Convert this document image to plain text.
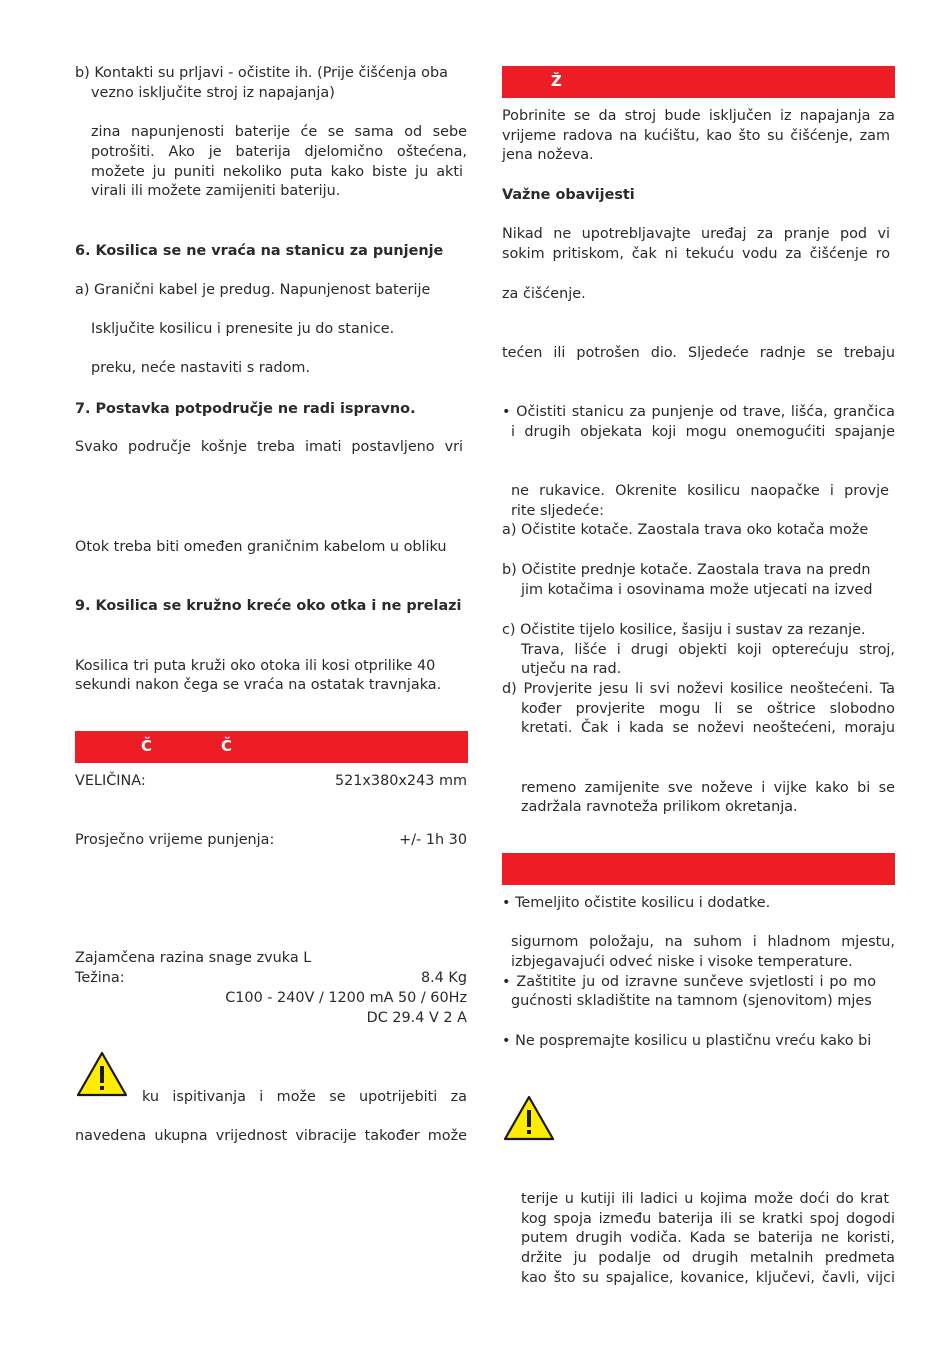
b) Kontakti su prljavi - očistite ih. (Prije čišćenja oba
vezno isključite stroj iz napajanja)
zina napunjenosti baterije će se sama od sebe
potrošiti. Ako je baterija djelomično oštećena,
možete ju puniti nekoliko puta kako biste ju akti
virali ili možete zamijeniti bateriju.
6. Kosilica se ne vraća na stanicu za punjenje
a) Granični kabel je predug. Napunjenost baterije
Isključite kosilicu i prenesite ju do stanice.
preku, neće nastaviti s radom.
7. Postavka potpodručje ne radi ispravno.
Svako područje košnje treba imati postavljeno vri
Otok treba biti omeđen graničnim kabelom u obliku
9. Kosilica se kružno kreće oko otka i ne prelazi
Kosilica tri puta kruži oko otoka ili kosi otprilike 40
sekundi nakon čega se vraća na ostatak travnjaka.
Č	Č
VELIČINA:	521x380x243 mm
Prosječno vrijeme punjenja:	+/- 1h 30
Zajamčena razina snage zvuka L
Težina:	8.4 Kg
C100 - 240V / 1200 mA 50 / 60Hz
DC 29.4 V 2 A
ku ispitivanja i može se upotrijebiti za
navedena ukupna vrijednost vibracije također može
Ž
Pobrinite se da stroj bude isključen iz napajanja za
vrijeme radova na kućištu, kao što su čišćenje, zam
jena noževa.
Važne obavijesti
Nikad ne upotrebljavajte uređaj za pranje pod vi
sokim pritiskom, čak ni tekuću vodu za čišćenje ro
za čišćenje.
tećen ili potrošen dio. Sljedeće radnje se trebaju
• Očistiti stanicu za punjenje od trave, lišća, grančica
i drugih objekata koji mogu onemogućiti spajanje
ne rukavice. Okrenite kosilicu naopačke i provje
rite sljedeće:
a) Očistite kotače. Zaostala trava oko kotača može
b) Očistite prednje kotače. Zaostala trava na predn
jim kotačima i osovinama može utjecati na izved
c) Očistite tijelo kosilice, šasiju i sustav za rezanje.
Trava, lišće i drugi objekti koji opterećuju stroj,
utječu na rad.
d) Provjerite jesu li svi noževi kosilice neoštećeni. Ta
kođer provjerite mogu li se oštrice slobodno
kretati. Čak i kada se noževi neoštećeni, moraju
remeno zamijenite sve noževe i vijke kako bi se
zadržala ravnoteža prilikom okretanja.
• Temeljito očistite kosilicu i dodatke.
sigurnom položaju, na suhom i hladnom mjestu,
izbjegavajući odveć niske i visoke temperature.
• Zaštitite ju od izravne sunčeve svjetlosti i po mo
gućnosti skladištite na tamnom (sjenovitom) mjes
• Ne pospremajte kosilicu u plastičnu vreću kako bi
terije u kutiji ili ladici u kojima može doći do krat
kog spoja između baterija ili se kratki spoj dogodi
putem drugih vodiča. Kada se baterija ne koristi,
držite ju podalje od drugih metalnih predmeta
kao što su spajalice, kovanice, ključevi, čavli, vijci
